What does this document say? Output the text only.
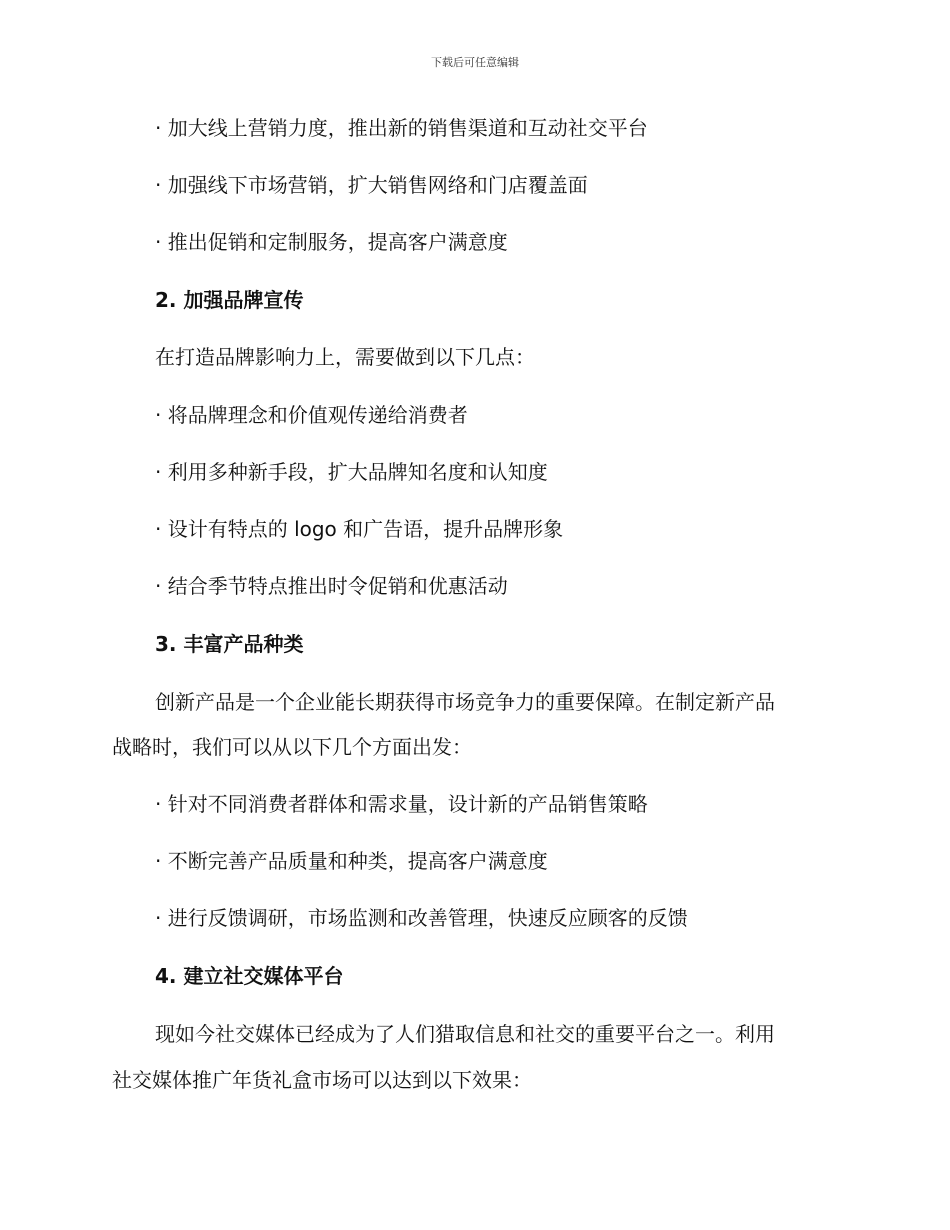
下载后可任意编辑
· 加大线上营销力度，推出新的销售渠道和互动社交平台
· 加强线下市场营销，扩大销售网络和门店覆盖面
· 推出促销和定制服务，提高客户满意度
2. 加强品牌宣传
在打造品牌影响力上，需要做到以下几点：
· 将品牌理念和价值观传递给消费者
· 利用多种新手段，扩大品牌知名度和认知度
· 设计有特点的 logo 和广告语，提升品牌形象
· 结合季节特点推出时令促销和优惠活动
3. 丰富产品种类
创新产品是一个企业能长期获得市场竞争力的重要保障。在制定新产品
战略时，我们可以从以下几个方面出发：
· 针对不同消费者群体和需求量，设计新的产品销售策略
· 不断完善产品质量和种类，提高客户满意度
· 进行反馈调研，市场监测和改善管理，快速反应顾客的反馈
4. 建立社交媒体平台
现如今社交媒体已经成为了人们猎取信息和社交的重要平台之一。利用
社交媒体推广年货礼盒市场可以达到以下效果：
